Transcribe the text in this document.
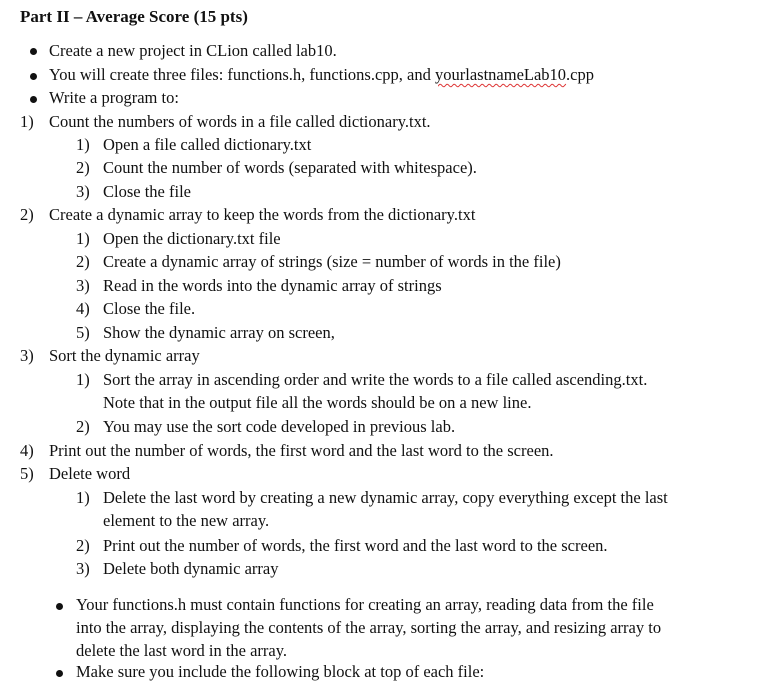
Part II – Average Score (15 pts)
Create a new project in CLion called lab10.
You will create three files: functions.h, functions.cpp, and yourlastnameLab10.cpp
Write a program to:
1) Count the numbers of words in a file called dictionary.txt.
1) Open a file called dictionary.txt
2) Count the number of words (separated with whitespace).
3) Close the file
2) Create a dynamic array to keep the words from the dictionary.txt
1) Open the dictionary.txt file
2) Create a dynamic array of strings (size = number of words in the file)
3) Read in the words into the dynamic array of strings
4) Close the file.
5) Show the dynamic array on screen,
3) Sort the dynamic array
1) Sort the array in ascending order and write the words to a file called ascending.txt.
Note that in the output file all the words should be on a new line.
2) You may use the sort code developed in previous lab.
4) Print out the number of words, the first word and the last word to the screen.
5) Delete word
1) Delete the last word by creating a new dynamic array, copy everything except the last
element to the new array.
2) Print out the number of words, the first word and the last word to the screen.
3) Delete both dynamic array
Your functions.h must contain functions for creating an array, reading data from the file
into the array, displaying the contents of the array, sorting the array, and resizing array to
delete the last word in the array.
Make sure you include the following block at top of each file:
